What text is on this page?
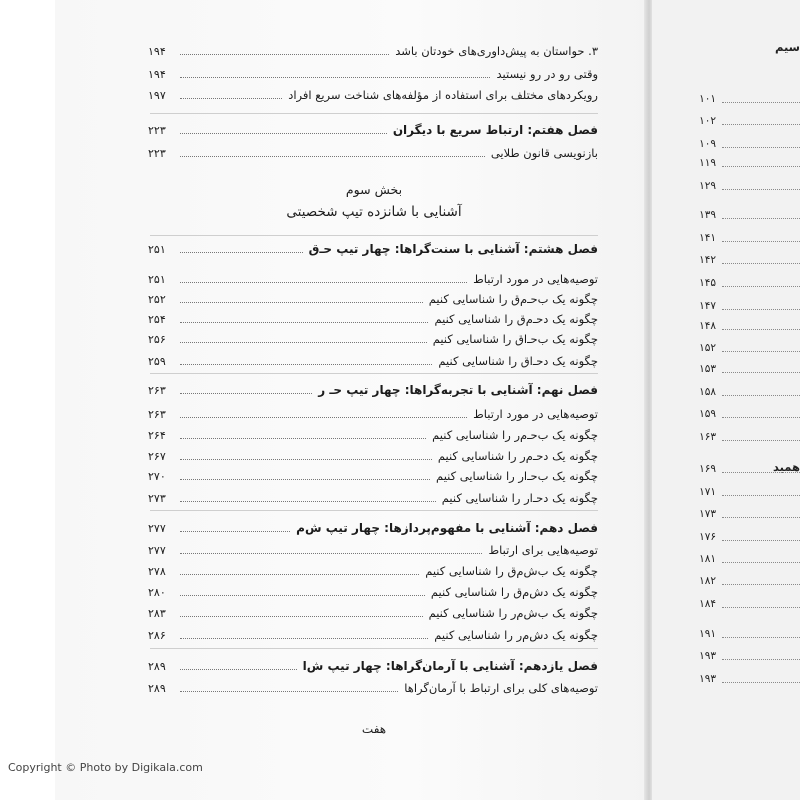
۳. حواستان به پیش‌داوری‌های خودتان باشد
۱۹۴
وقتی رو در رو نیستید
۱۹۴
رویکردهای مختلف برای استفاده از مؤلفه‌های شناخت سریع افراد
۱۹۷
فصل هفتم: ارتباط سریع با دیگران
۲۲۳
بازنویسی قانون طلایی
۲۲۳
فصل هشتم: آشنایی با سنت‌گراها: چهار تیپ حـ‌ق
۲۵۱
توصیه‌هایی در مورد ارتباط
۲۵۱
چگونه یک ب‌حـ‌م‌ق را شناسایی کنیم
۲۵۲
چگونه یک دحـ‌م‌ق را شناسایی کنیم
۲۵۴
چگونه یک ب‌حـ‌اق را شناسایی کنیم
۲۵۶
چگونه یک دحـ‌اق را شناسایی کنیم
۲۵۹
فصل نهم: آشنایی با تجربه‌گراها: چهار تیپ حـ ر
۲۶۳
توصیه‌هایی در مورد ارتباط
۲۶۳
چگونه یک ب‌حـ‌م‌ر را شناسایی کنیم
۲۶۴
چگونه یک دحـ‌م‌ر را شناسایی کنیم
۲۶۷
چگونه یک ب‌حـ‌ار را شناسایی کنیم
۲۷۰
چگونه یک دحـ‌ار را شناسایی کنیم
۲۷۳
فصل دهم: آشنایی با مفهوم‌پردازها: چهار تیپ ش‌م
۲۷۷
توصیه‌هایی برای ارتباط
۲۷۷
چگونه یک ب‌ش‌م‌ق را شناسایی کنیم
۲۷۸
چگونه یک دش‌م‌ق را شناسایی کنیم
۲۸۰
چگونه یک ب‌ش‌م‌ر را شناسایی کنیم
۲۸۳
چگونه یک دش‌م‌ر را شناسایی کنیم
۲۸۶
فصل یازدهم: آشنایی با آرمان‌گراها: چهار تیپ ش‌ا
۲۸۹
توصیه‌های کلی برای ارتباط با آرمان‌گراها
۲۸۹
بخش سوم
آشنایی با شانزده تیپ شخصیتی
هفت
سیم
همید
۱۰۱
۱۰۲
۱۰۹
۱۱۹
۱۲۹
۱۳۹
۱۴۱
۱۴۲
۱۴۵
۱۴۷
۱۴۸
۱۵۲
۱۵۳
۱۵۸
۱۵۹
۱۶۳
۱۶۹
۱۷۱
۱۷۳
۱۷۶
۱۸۱
۱۸۲
۱۸۴
۱۹۱
۱۹۳
۱۹۳
Copyright © Photo by Digikala.com
